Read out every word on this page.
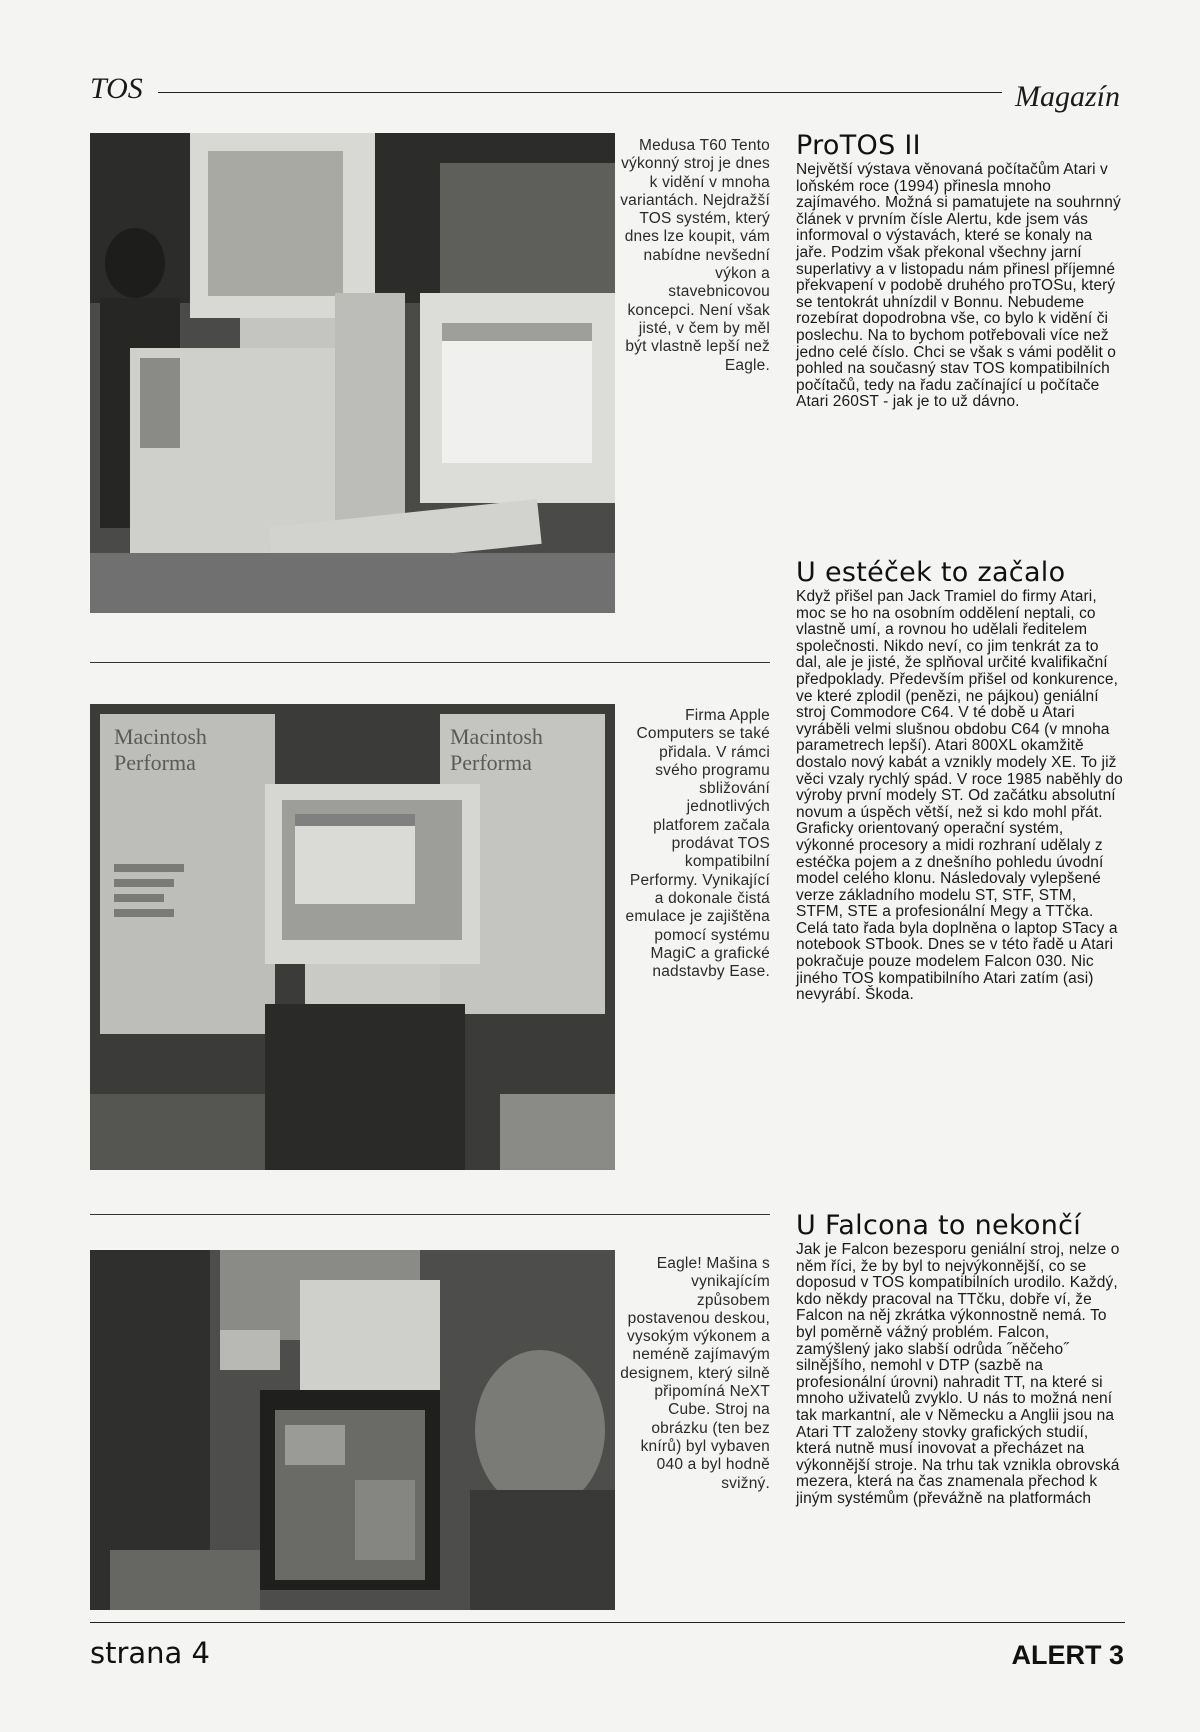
TOS	Magazín
Medusa T60 Tento výkonný stroj je dnes k vidění v mnoha variantách. Nejdražší TOS systém, který dnes lze koupit, vám nabídne nevšední výkon a stavebnicovou koncepci. Není však jisté, v čem by měl být vlastně lepší než Eagle.
Macintosh
Performa
Macintosh
Performa
Firma Apple Computers se také přidala. V rámci svého programu sbližování jednotlivých platforem začala prodávat TOS kompatibilní Performy. Vynikající a dokonale čistá emulace je zajištěna pomocí systému MagiC a grafické nadstavby Ease.
Eagle! Mašina s vynikajícím způsobem postavenou deskou, vysokým výkonem a neméně zajímavým designem, který silně připomíná NeXT Cube. Stroj na obrázku (ten bez knírů) byl vybaven 040 a byl hodně svižný.
ProTOS II

Největší výstava věnovaná počítačům Atari v loňském roce (1994) přinesla mnoho zajímavého. Možná si pamatujete na souhrnný článek v prvním čísle Alertu, kde jsem vás informoval o výstavách, které se konaly na jaře. Podzim však překonal všechny jarní superlativy a v listopadu nám přinesl příjemné překvapení v podobě druhého proTOSu, který se tentokrát uhnízdil v Bonnu. Nebudeme rozebírat dopodrobna vše, co bylo k vidění či poslechu. Na to bychom potřebovali více než jedno celé číslo. Chci se však s vámi podělit o pohled na současný stav TOS kompatibilních počítačů, tedy na řadu začínající u počítače Atari 260ST - jak je to už dávno.

U estéček to začalo

Když přišel pan Jack Tramiel do firmy Atari, moc se ho na osobním oddělení neptali, co vlastně umí, a rovnou ho udělali ředitelem společnosti. Nikdo neví, co jim tenkrát za to dal, ale je jisté, že splňoval určité kvalifikační předpoklady. Především přišel od konkurence, ve které zplodil (penězi, ne pájkou) geniální stroj Commodore C64. V té době u Atari vyráběli velmi slušnou obdobu C64 (v mnoha parametrech lepší). Atari 800XL okamžitě dostalo nový kabát a vznikly modely XE. To již věci vzaly rychlý spád. V roce 1985 naběhly do výroby první modely ST. Od začátku absolutní novum a úspěch větší, než si kdo mohl přát. Graficky orientovaný operační systém, výkonné procesory a midi rozhraní udělaly z estéčka pojem a z dnešního pohledu úvodní model celého klonu. Následovaly vylepšené verze základního modelu ST, STF, STM, STFM, STE a profesionální Megy a TTčka. Celá tato řada byla doplněna o laptop STacy a notebook STbook. Dnes se v této řadě u Atari pokračuje pouze modelem Falcon 030. Nic jiného TOS kompatibilního Atari zatím (asi) nevyrábí. Škoda.

U Falcona to nekončí

Jak je Falcon bezesporu geniální stroj, nelze o něm říci, že by byl to nejvýkonnější, co se doposud v TOS kompatibilních urodilo. Každý, kdo někdy pracoval na TTčku, dobře ví, že Falcon na něj zkrátka výkonnostně nemá. To byl poměrně vážný problém. Falcon, zamýšlený jako slabší odrůda ˝něčeho˝ silnějšího, nemohl v DTP (sazbě na profesionální úrovni) nahradit TT, na které si mnoho uživatelů zvyklo. U nás to možná není tak markantní, ale v Německu a Anglii jsou na Atari TT založeny stovky grafických studií, která nutně musí inovovat a přecházet na výkonnější stroje. Na trhu tak vznikla obrovská mezera, která na čas znamenala přechod k jiným systémům (převážně na platformách

strana 4	ALERT 3
